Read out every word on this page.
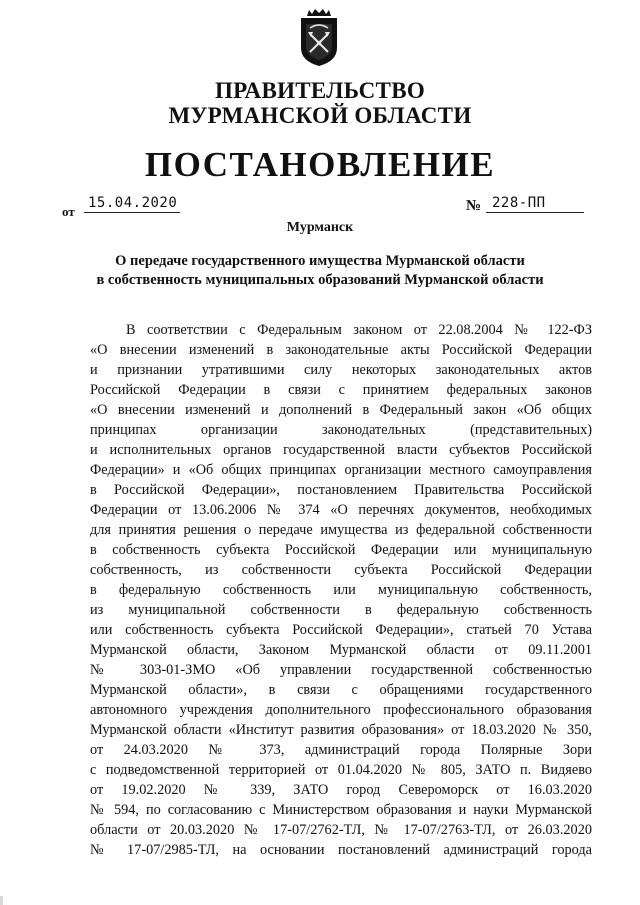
ПРАВИТЕЛЬСТВО
МУРМАНСКОЙ ОБЛАСТИ
ПОСТАНОВЛЕНИЕ
от
15.04.2020	№ 228-ПП
Мурманск
О передаче государственного имущества Мурманской области
в собственность муниципальных образований Мурманской области
В соответствии с Федеральным законом от 22.08.2004 № 122-ФЗ
«О внесении изменений в законодательные акты Российской Федерации
и признании утратившими силу некоторых законодательных актов
Российской Федерации в связи с принятием федеральных законов
«О внесении изменений и дополнений в Федеральный закон «Об общих
принципах организации законодательных (представительных)
и исполнительных органов государственной власти субъектов Российской
Федерации» и «Об общих принципах организации местного самоуправления
в Российской Федерации», постановлением Правительства Российской
Федерации от 13.06.2006 № 374 «О перечнях документов, необходимых
для принятия решения о передаче имущества из федеральной собственности
в собственность субъекта Российской Федерации или муниципальную
собственность, из собственности субъекта Российской Федерации
в федеральную собственность или муниципальную собственность,
из муниципальной собственности в федеральную собственность
или собственность субъекта Российской Федерации», статьей 70 Устава
Мурманской области, Законом Мурманской области от 09.11.2001
№ 303-01-ЗМО «Об управлении государственной собственностью
Мурманской области», в связи с обращениями государственного
автономного учреждения дополнительного профессионального образования
Мурманской области «Институт развития образования» от 18.03.2020 № 350,
от 24.03.2020 № 373, администраций города Полярные Зори
с подведомственной территорией от 01.04.2020 № 805, ЗАТО п. Видяево
от 19.02.2020 № 339, ЗАТО город Североморск от 16.03.2020
№ 594, по согласованию с Министерством образования и науки Мурманской
области от 20.03.2020 № 17-07/2762-ТЛ, № 17-07/2763-ТЛ, от 26.03.2020
№ 17-07/2985-ТЛ, на основании постановлений администраций города
